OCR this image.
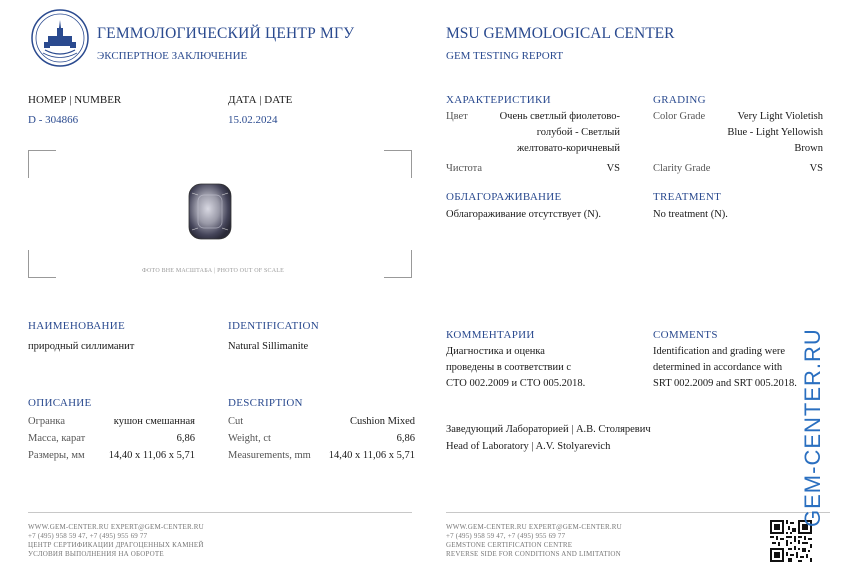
ГЕММОЛОГИЧЕСКИЙ ЦЕНТР МГУ
ЭКСПЕРТНОЕ ЗАКЛЮЧЕНИЕ
MSU GEMMOLOGICAL CENTER
GEM TESTING REPORT
НОМЕР | NUMBER
D - 304866
ДАТА | DATE
15.02.2024
ФОТО ВНЕ МАСШТАБА | PHOTO OUT OF SCALE
НАИМЕНОВАНИЕ
природный силлиманит
IDENTIFICATION
Natural Sillimanite
ОПИСАНИЕ
Огранка	кушон смешанная
Масса, карат	6,86
Размеры, мм 14,40 x 11,06 x 5,71
DESCRIPTION
Cut	Cushion Mixed
Weight, ct	6,86
Measurements, mm 14,40 x 11,06 x 5,71
ХАРАКТЕРИСТИКИ
Цвет	Очень светлый фиолетово-
голубой - Светлый
желтовато-коричневый
Чистота	VS
GRADING
Color Grade	Very Light Violetish
Blue - Light Yellowish
Brown
Clarity Grade	VS
ОБЛАГОРАЖИВАНИЕ
Облагораживание отсутствует (N).
TREATMENT
No treatment (N).
КОММЕНТАРИИ
Диагностика и оценка
проведены в соответствии с
СТО 002.2009 и СТО 005.2018.
COMMENTS
Identification and grading were
determined in accordance with
SRT 002.2009 and SRT 005.2018.
Заведующий Лабораторией | А.В. Столяревич
Head of Laboratory | A.V. Stolyarevich
WWW.GEM-CENTER.RU EXPERT@GEM-CENTER.RU
+7 (495) 958 59 47, +7 (495) 955 69 77
ЦЕНТР СЕРТИФИКАЦИИ ДРАГОЦЕННЫХ КАМНЕЙ
УСЛОВИЯ ВЫПОЛНЕНИЯ НА ОБОРОТЕ
WWW.GEM-CENTER.RU EXPERT@GEM-CENTER.RU
+7 (495) 958 59 47, +7 (495) 955 69 77
GEMSTONE CERTIFICATION CENTRE
REVERSE SIDE FOR CONDITIONS AND LIMITATION
GEM-CENTER.RU
